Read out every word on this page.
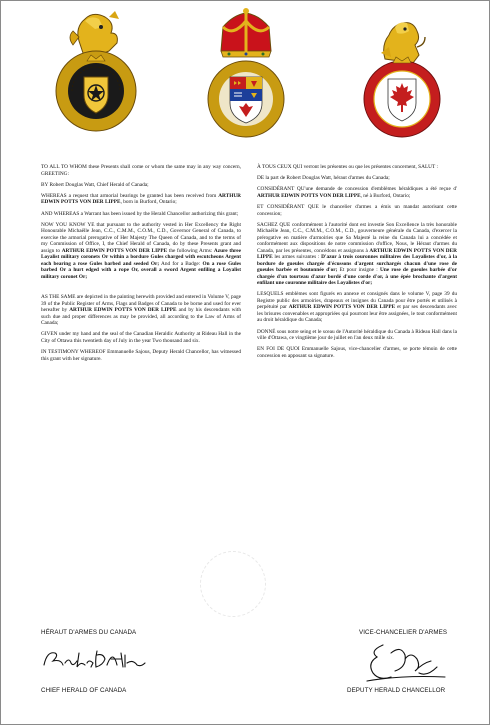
TO ALL TO WHOM these Presents shall come or whom the same may in any way concern, GREETING:

BY Robert Douglas Watt, Chief Herald of Canada;

WHEREAS a request that armorial bearings be granted has been received from ARTHUR EDWIN POTTS VON DER LIPPE, born in Burford, Ontario;

AND WHEREAS a Warrant has been issued by the Herald Chancellor authorizing this grant;

NOW YOU KNOW YE that pursuant to the authority vested in Her Excellency the Right Honourable Michaëlle Jean, C.C., C.M.M., C.O.M., C.D., Governor General of Canada, to exercise the armorial prerogative of Her Majesty The Queen of Canada, and to the terms of my Commission of Office, I, the Chief Herald of Canada, do by these Presents grant and assign to ARTHUR EDWIN POTTS VON DER LIPPE the following Arms: Azure three Loyalist military coronets Or within a bordure Gules charged with escutcheons Argent each bearing a rose Gules barbed and seeded Or; And for a Badge: On a rose Gules barbed Or a hurt edged with a rope Or, overall a sword Argent enfiling a Loyalist military coronet Or;

AS THE SAME are depicted in the painting herewith provided and entered in Volume V, page 39 of the Public Register of Arms, Flags and Badges of Canada to be borne and used for ever hereafter by ARTHUR EDWIN POTTS VON DER LIPPE and by his descendants with such due and proper differences as may be provided, all according to the Law of Arms of Canada;

GIVEN under my hand and the seal of the Canadian Heraldic Authority at Rideau Hall in the City of Ottawa this twentieth day of July in the year Two thousand and six.

IN TESTIMONY WHEREOF Emmanuelle Sajous, Deputy Herald Chancellor, has witnessed this grant with her signature.

À TOUS CEUX QUI verront les présentes ou que les présentes concernent, SALUT :

DE la part de Robert Douglas Watt, héraut d'armes du Canada;

CONSIDÉRANT QU'une demande de concession d'emblèmes héraldiques a été reçue d' ARTHUR EDWIN POTTS VON DER LIPPE, né à Burford, Ontario;

ET CONSIDÉRANT QUE le chancelier d'armes a émis un mandat autorisant cette concession;

SACHEZ QUE conformément à l'autorité dont est investie Son Excellence la très honorable Michaëlle Jean, C.C., C.M.M., C.O.M., C.D., gouverneure générale du Canada, d'exercer la prérogative en matière d'armoiries que Sa Majesté la reine du Canada lui a concédée et conformément aux dispositions de notre commission d'office, Nous, le Héraut d'armes du Canada, par les présentes, concédons et assignons à ARTHUR EDWIN POTTS VON DER LIPPE les armes suivantes : D'azur à trois couronnes militaires des Loyalistes d'or, à la bordure de gueules chargée d'écussons d'argent surchargés chacun d'une rose de gueules barbée et boutonnée d'or; Et pour insigne : Une rose de gueules barbée d'or chargée d'un tourteau d'azur bordé d'une corde d'or, à une épée brochante d'argent enfilant une couronne militaire des Loyalistes d'or;

LESQUELS emblèmes sont figurés en annexe et consignés dans le volume V, page 39 du Registre public des armoiries, drapeaux et insignes du Canada pour être portés et utilisés à perpétuité par ARTHUR EDWIN POTTS VON DER LIPPE et par ses descendants avec les brisures convenables et appropriées qui pourront leur être assignées, le tout conformément au droit héraldique du Canada;

DONNÉ sous notre seing et le sceau de l'Autorité héraldique du Canada à Rideau Hall dans la ville d'Ottawa, ce vingtième jour de juillet en l'an deux mille six.

EN FOI DE QUOI Emmanuelle Sajous, vice-chancelier d'armes, se porte témoin de cette concession en apposant sa signature.

HÉRAUT D'ARMES DU CANADA
CHIEF HERALD OF CANADA
VICE-CHANCELIER D'ARMES
DEPUTY HERALD CHANCELLOR
